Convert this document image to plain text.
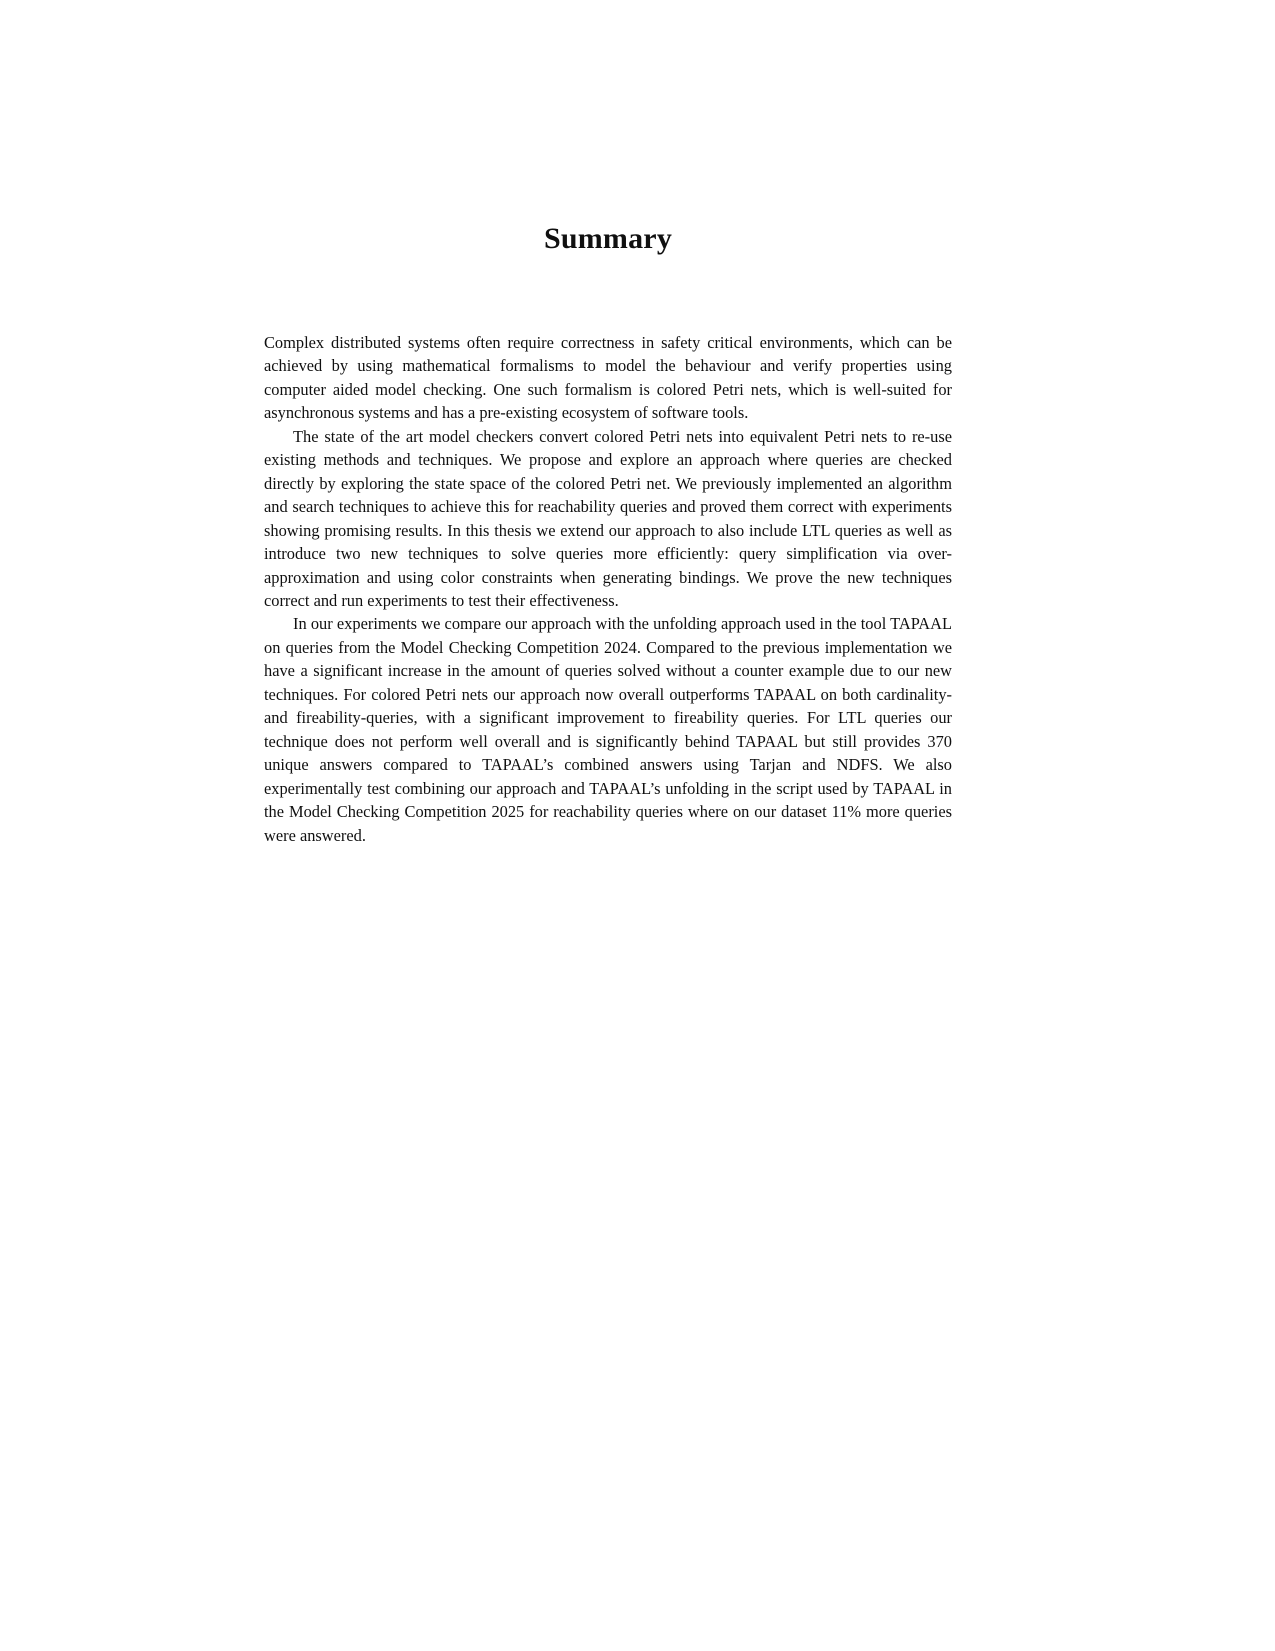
Summary

Complex distributed systems often require correctness in safety critical environments, which can be achieved by using mathematical formalisms to model the behaviour and verify properties using computer aided model checking. One such formalism is colored Petri nets, which is well-suited for asynchronous systems and has a pre-existing ecosystem of software tools.

The state of the art model checkers convert colored Petri nets into equivalent Petri nets to re-use existing methods and techniques. We propose and explore an approach where queries are checked directly by exploring the state space of the colored Petri net. We previously implemented an algorithm and search techniques to achieve this for reachability queries and proved them correct with experiments showing promising results. In this thesis we extend our approach to also include LTL queries as well as introduce two new techniques to solve queries more efficiently: query simplification via over-approximation and using color constraints when generating bindings. We prove the new techniques correct and run experiments to test their effectiveness.

In our experiments we compare our approach with the unfolding approach used in the tool TAPAAL on queries from the Model Checking Competition 2024. Compared to the previous implementation we have a significant increase in the amount of queries solved without a counter example due to our new techniques. For colored Petri nets our approach now overall outperforms TAPAAL on both cardinality- and fireability-queries, with a significant improvement to fireability queries. For LTL queries our technique does not perform well overall and is significantly behind TAPAAL but still provides 370 unique answers compared to TAPAAL’s combined answers using Tarjan and NDFS. We also experimentally test combining our approach and TAPAAL’s unfolding in the script used by TAPAAL in the Model Checking Competition 2025 for reachability queries where on our dataset 11% more queries were answered.
